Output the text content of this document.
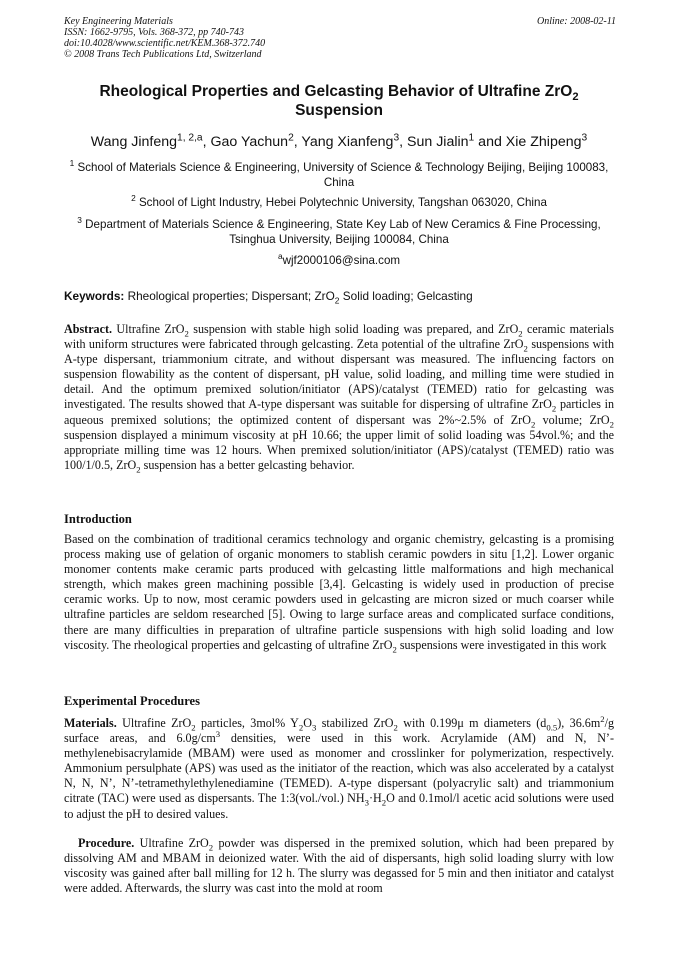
Key Engineering Materials
ISSN: 1662-9795, Vols. 368-372, pp 740-743
doi:10.4028/www.scientific.net/KEM.368-372.740
© 2008 Trans Tech Publications Ltd, Switzerland
Online: 2008-02-11
Rheological Properties and Gelcasting Behavior of Ultrafine ZrO$_2$
Suspension
Wang Jinfeng$^{1, 2,a}$, Gao Yachun$^2$, Yang Xianfeng$^3$, Sun Jialin$^1$ and Xie Zhipeng$^3$
$^1$ School of Materials Science & Engineering, University of Science & Technology Beijing, Beijing 100083, China
$^2$ School of Light Industry, Hebei Polytechnic University, Tangshan 063020, China
$^3$ Department of Materials Science & Engineering, State Key Lab of New Ceramics & Fine Processing, Tsinghua University, Beijing 100084, China
$^a$wjf2000106@sina.com
Keywords: Rheological properties; Dispersant; ZrO$_2$ Solid loading; Gelcasting
Abstract. Ultrafine ZrO$_2$ suspension with stable high solid loading was prepared, and ZrO$_2$ ceramic materials with uniform structures were fabricated through gelcasting. Zeta potential of the ultrafine ZrO$_2$ suspensions with A-type dispersant, triammonium citrate, and without dispersant was measured. The influencing factors on suspension flowability as the content of dispersant, pH value, solid loading, and milling time were studied in detail. And the optimum premixed solution/initiator (APS)/catalyst (TEMED) ratio for gelcasting was investigated. The results showed that A-type dispersant was suitable for dispersing of ultrafine ZrO$_2$ particles in aqueous premixed solutions; the optimized content of dispersant was 2%~2.5% of ZrO$_2$ volume; ZrO$_2$ suspension displayed a minimum viscosity at pH 10.66; the upper limit of solid loading was 54vol.%; and the appropriate milling time was 12 hours. When premixed solution/initiator (APS)/catalyst (TEMED) ratio was 100/1/0.5, ZrO$_2$ suspension has a better gelcasting behavior.
Introduction
Based on the combination of traditional ceramics technology and organic chemistry, gelcasting is a promising process making use of gelation of organic monomers to stablish ceramic powders in situ [1,2]. Lower organic monomer contents make ceramic parts produced with gelcasting little malformations and high mechanical strength, which makes green machining possible [3,4]. Gelcasting is widely used in production of precise ceramic works. Up to now, most ceramic powders used in gelcasting are micron sized or much coarser while ultrafine particles are seldom researched [5]. Owing to large surface areas and complicated surface conditions, there are many difficulties in preparation of ultrafine particle suspensions with high solid loading and low viscosity. The rheological properties and gelcasting of ultrafine ZrO$_2$ suspensions were investigated in this work
Experimental Procedures
Materials. Ultrafine ZrO$_2$ particles, 3mol% $Y_2O_3$ stabilized ZrO$_2$ with 0.199μ m diameters $(d_{0.5})$, $36.6m^2/g$ surface areas, and $6.0g/cm^3$ densities, were used in this work. Acrylamide (AM) and N, N’-methylenebisacrylamide (MBAM) were used as monomer and crosslinker for polymerization, respectively. Ammonium persulphate (APS) was used as the initiator of the reaction, which was also accelerated by a catalyst N, N, N’, N’-tetramethylethylenediamine (TEMED). A-type dispersant (polyacrylic salt) and triammonium citrate (TAC) were used as dispersants. The 1:3(vol./vol.) $NH_3\cdot H_2O$ and 0.1mol/l acetic acid solutions were used to adjust the pH to desired values.
Procedure. Ultrafine ZrO$_2$ powder was dispersed in the premixed solution, which had been prepared by dissolving AM and MBAM in deionized water. With the aid of dispersants, high solid loading slurry with low viscosity was gained after ball milling for 12 h. The slurry was degassed for 5 min and then initiator and catalyst were added. Afterwards, the slurry was cast into the mold at room
